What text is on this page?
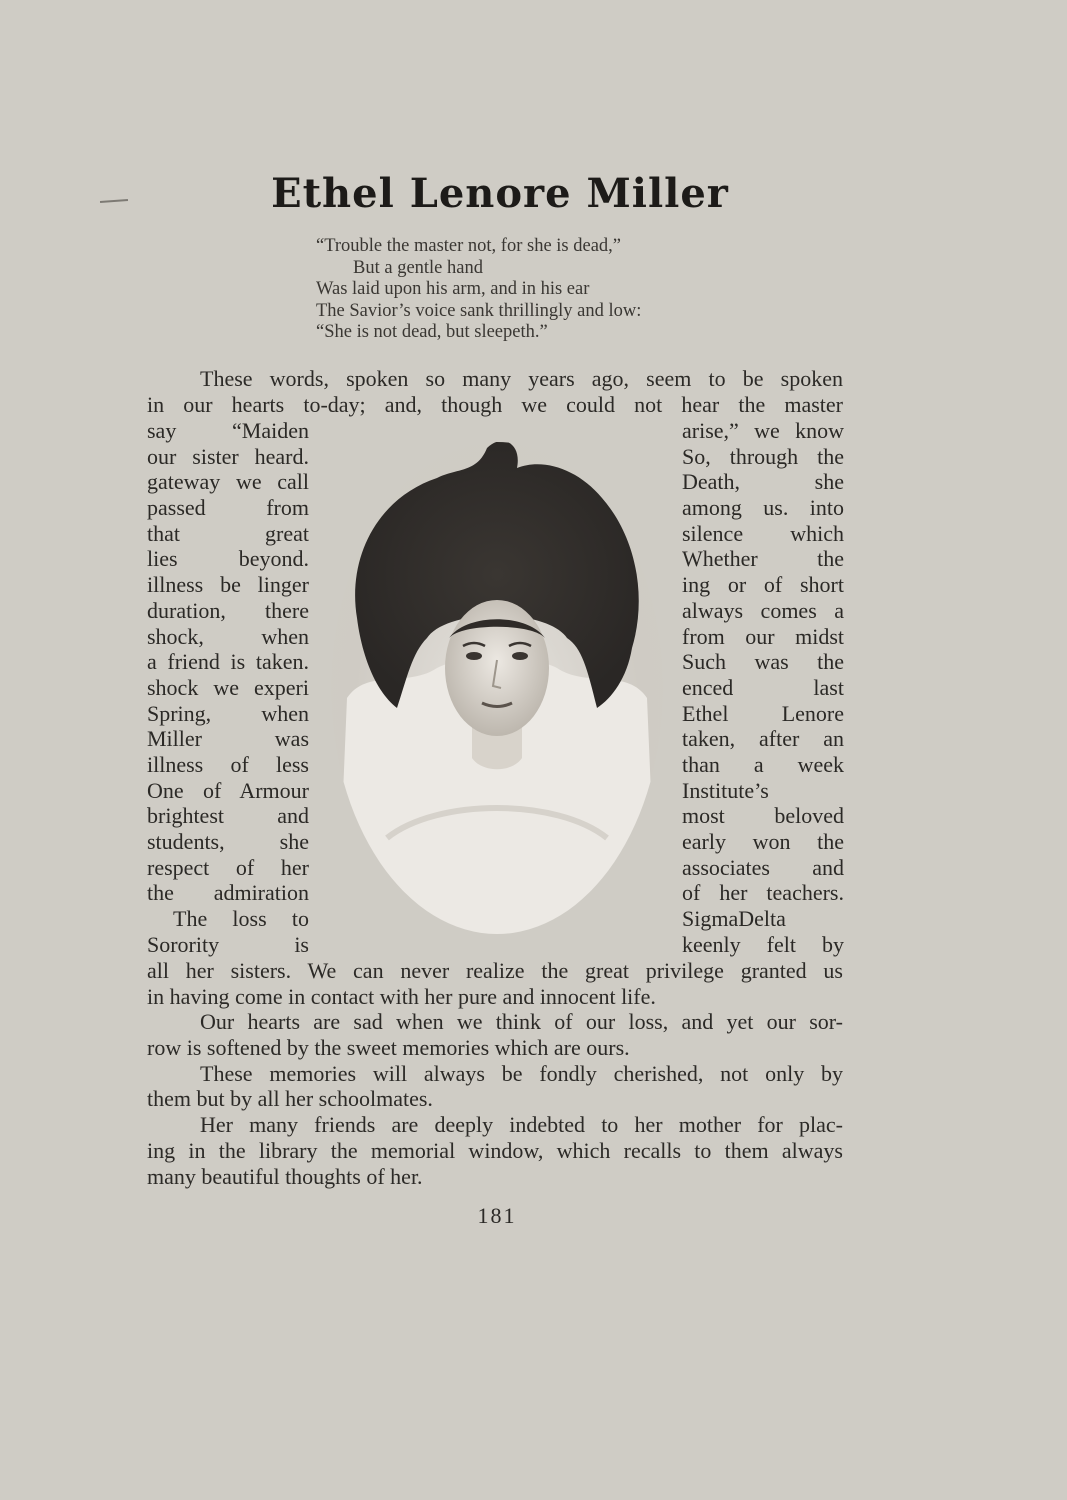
Ethel Lenore Miller
“Trouble the master not, for she is dead,”
But a gentle hand
Was laid upon his arm, and in his ear
The Savior’s voice sank thrillingly and low:
“She is not dead, but sleepeth.”
These words, spoken so many years ago, seem to be spoken
in our hearts to-day; and, though we could not hear the master
say “Maiden
our sister heard.
gateway we call
passed from
that great
lies beyond.
illness be linger
duration, there
shock, when
a friend is taken.
shock we experi
Spring, when
Miller was
illness of less
One of Armour
brightest and
students, she
respect of her
the admiration
The loss to
Sorority is
arise,” we know
So, through the
Death, she
among us. into
silence which
Whether the
ing or of short
always comes a
from our midst
Such was the
enced last
Ethel Lenore
taken, after an
than a week
Institute’s
most beloved
early won the
associates and
of her teachers.
SigmaDelta
keenly felt by
all her sisters. We can never realize the great privilege granted us
in having come in contact with her pure and innocent life.
Our hearts are sad when we think of our loss, and yet our sor-
row is softened by the sweet memories which are ours.
These memories will always be fondly cherished, not only by
them but by all her schoolmates.
Her many friends are deeply indebted to her mother for plac-
ing in the library the memorial window, which recalls to them always
many beautiful thoughts of her.
181
